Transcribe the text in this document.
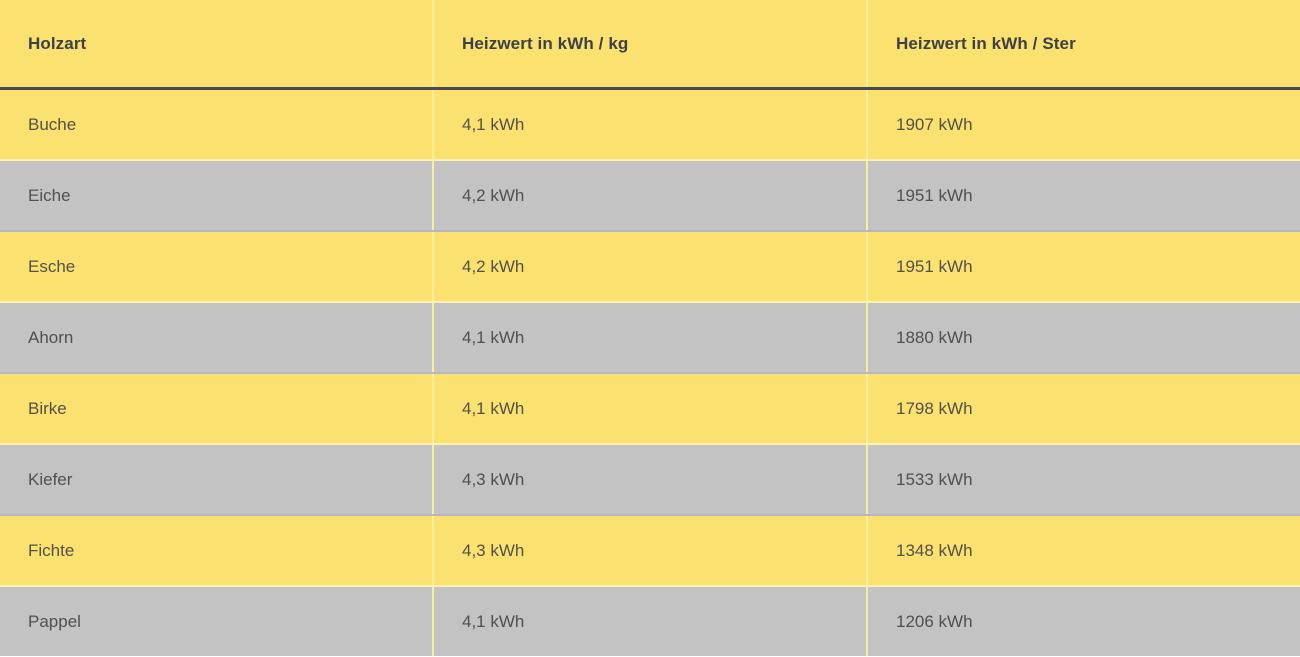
Holzart	Heizwert in kWh / kg	Heizwert in kWh / Ster
Buche	4,1 kWh	1907 kWh
Eiche	4,2 kWh	1951 kWh
Esche	4,2 kWh	1951 kWh
Ahorn	4,1 kWh	1880 kWh
Birke	4,1 kWh	1798 kWh
Kiefer	4,3 kWh	1533 kWh
Fichte	4,3 kWh	1348 kWh
Pappel	4,1 kWh	1206 kWh
